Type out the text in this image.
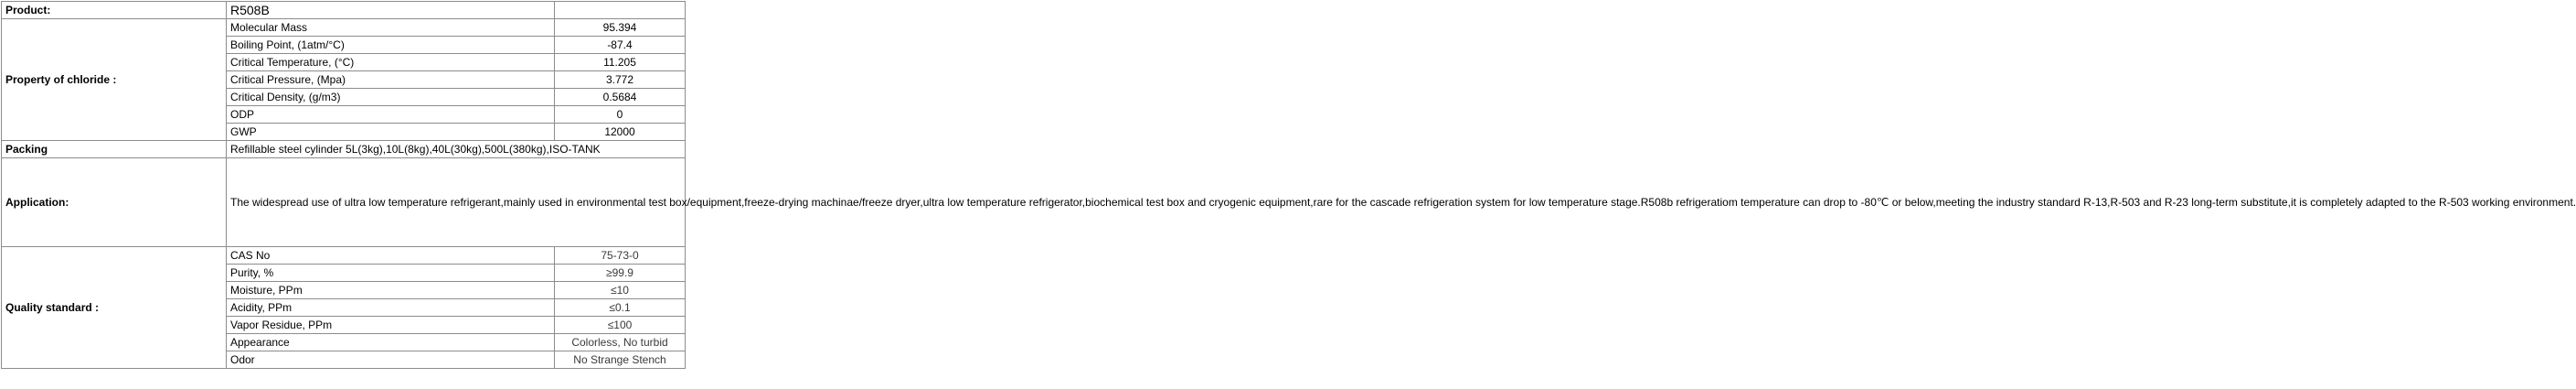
Product:	R508B	
Property of chloride :	Molecular Mass	95.394
	Boiling Point, (1atm/°C)	-87.4
	Critical Temperature, (°C)	11.205
	Critical Pressure, (Mpa)	3.772
	Critical Density, (g/m3)	0.5684
	ODP	0
	GWP	12000
Packing	Refillable steel cylinder 5L(3kg),10L(8kg),40L(30kg),500L(380kg),ISO-TANK	
Application:	The widespread use of ultra low temperature refrigerant,mainly used in environmental test box/equipment,freeze-drying machinae/freeze dryer,ultra low temperature refrigerator,biochemical test box and cryogenic equipment,rare for the cascade refrigeration system for low temperature stage.R508b refrigeratiom temperature can drop to -80℃ or below,meeting the industry standard R-13,R-503 and R-23 long-term substitute,it is completely adapted to the R-503 working environment.	
Quality standard :	CAS No	75-73-0
	Purity, %	≥99.9
	Moisture, PPm	≤10
	Acidity, PPm	≤0.1
	Vapor Residue, PPm	≤100
	Appearance	Colorless, No turbid
	Odor	No Strange Stench
